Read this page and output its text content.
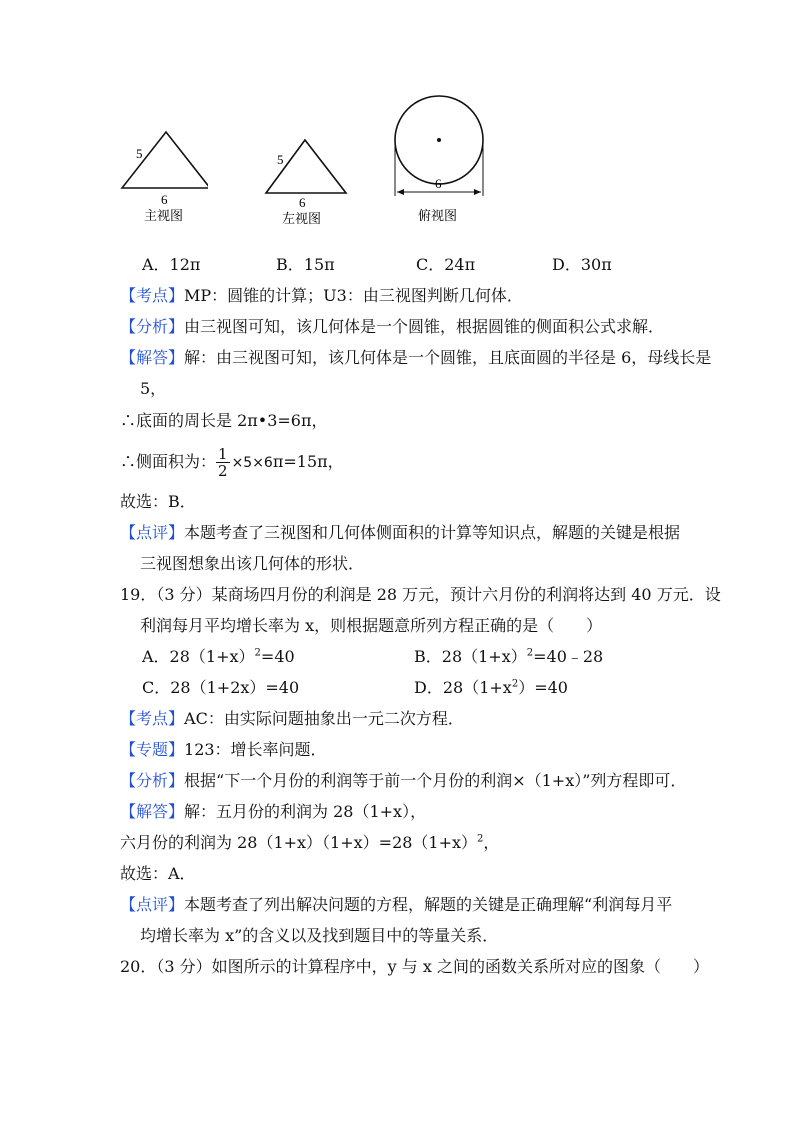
5
6
主视图
5
6
左视图
6
俯视图
A．12π	B．15π	C．24π	D．30π
【考点】MP：圆锥的计算；U3：由三视图判断几何体．
【分析】由三视图可知，该几何体是一个圆锥，根据圆锥的侧面积公式求解．
【解答】解：由三视图可知，该几何体是一个圆锥，且底面圆的半径是 6，母线长是
5，
∴底面的周长是 2π•3=6π，
∴侧面积为： $\frac{1}{2} \times 5\times 6\pi=15\pi$，
故选：B．
【点评】本题考查了三视图和几何体侧面积的计算等知识点，解题的关键是根据
三视图想象出该几何体的形状．
19．（3 分）某商场四月份的利润是 28 万元，预计六月份的利润将达到 40 万元．设
利润每月平均增长率为 x，则根据题意所列方程正确的是（　　）
A．$28(1+x)^2=40$	B．$28(1+x)^2=40﹣28$
C．28（1+2x）=40	D．$28(1+x^2)=40$
【考点】AC：由实际问题抽象出一元二次方程．
【专题】123：增长率问题．
【分析】根据“下一个月份的利润等于前一个月份的利润×（1+x）”列方程即可．
【解答】解：五月份的利润为 28（1+x），
六月份的利润为 $28(1+x)(1+x)=28(1+x)^2$，
故选：A．
【点评】本题考查了列出解决问题的方程，解题的关键是正确理解“利润每月平
均增长率为 x”的含义以及找到题目中的等量关系．
20．（3 分）如图所示的计算程序中，y 与 x 之间的函数关系所对应的图象（　　）
